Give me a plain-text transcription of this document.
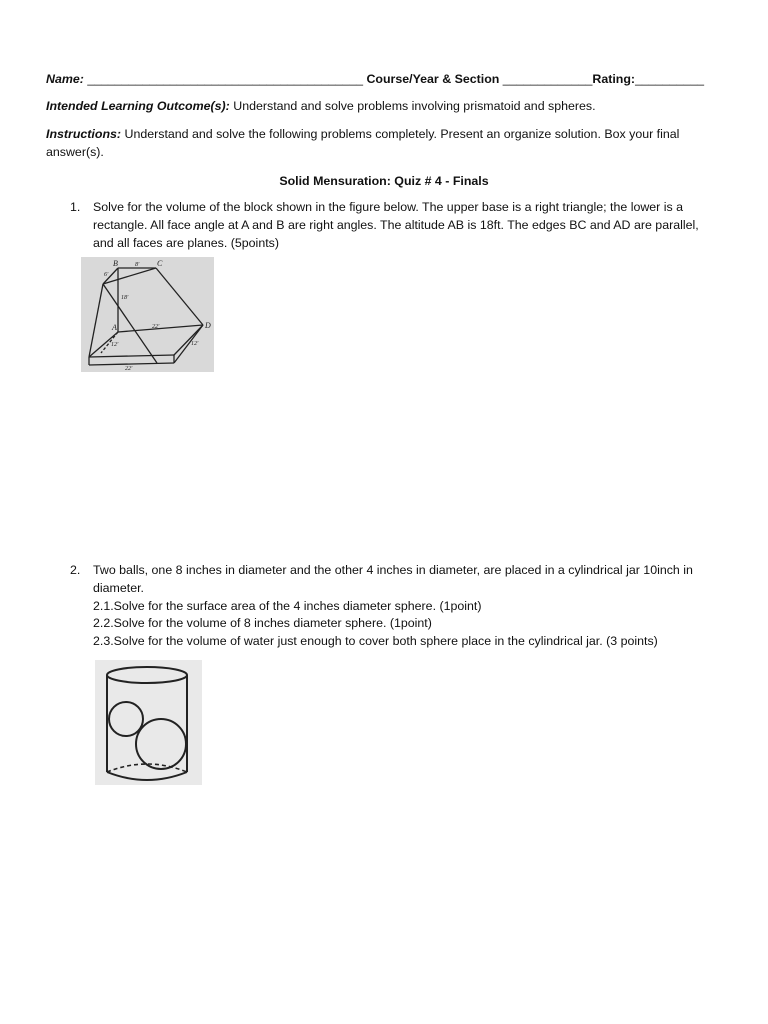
Name: ________________________________________ Course/Year & Section _____________Rating:__________
Intended Learning Outcome(s): Understand and solve problems involving prismatoid and spheres.
Instructions: Understand and solve the following problems completely. Present an organize solution. Box your final answer(s).
Solid Mensuration: Quiz # 4 - Finals
1.	Solve for the volume of the block shown in the figure below. The upper base is a right triangle; the lower is a rectangle. All face angle at A and B are right angles. The altitude AB is 18ft. The edges BC and AD are parallel, and all faces are planes. (5points)
B	C
A	D
6'
8'
18'
22'
12'	12'
22'
2.	Two balls, one 8 inches in diameter and the other 4 inches in diameter, are placed in a cylindrical jar 10inch in diameter.
2.1.Solve for the surface area of the 4 inches diameter sphere. (1point)
2.2.Solve for the volume of 8 inches diameter sphere. (1point)
2.3.Solve for the volume of water just enough to cover both sphere place in the cylindrical jar. (3 points)
